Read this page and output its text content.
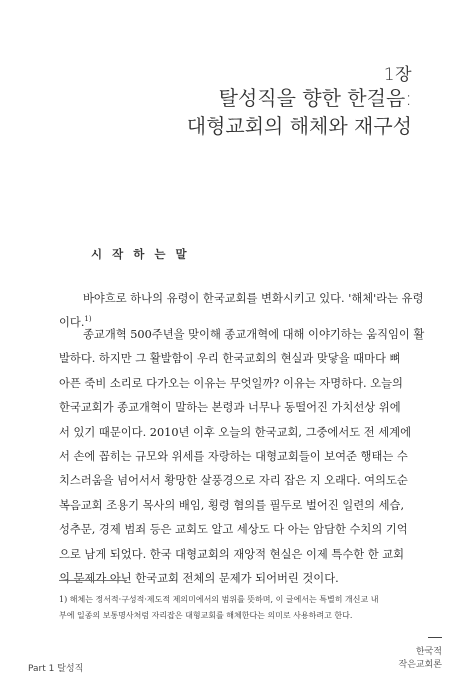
1장
탈성직을 향한 한걸음:
대형교회의 해체와 재구성
시 작 하 는 말
바야흐로 하나의 유령이 한국교회를 변화시키고 있다. '해체'라는 유령
이다.$^{1)}$
종교개혁 500주년을 맞이해 종교개혁에 대해 이야기하는 움직임이 활
발하다. 하지만 그 활발함이 우리 한국교회의 현실과 맞닿을 때마다 뼈
아픈 죽비 소리로 다가오는 이유는 무엇일까? 이유는 자명하다. 오늘의
한국교회가 종교개혁이 말하는 본령과 너무나 동떨어진 가치선상 위에
서 있기 때문이다. 2010년 이후 오늘의 한국교회, 그중에서도 전 세계에
서 손에 꼽히는 규모와 위세를 자랑하는 대형교회들이 보여준 행태는 수
치스러움을 넘어서서 황망한 살풍경으로 자리 잡은 지 오래다. 여의도순
복음교회 조용기 목사의 배임, 횡령 혐의를 필두로 벌어진 일련의 세습,
성추문, 경제 범죄 등은 교회도 알고 세상도 다 아는 암담한 수치의 기억
으로 남게 되었다. 한국 대형교회의 재앙적 현실은 이제 특수한 한 교회
의 문제가 아닌 한국교회 전체의 문제가 되어버린 것이다.
1) 해체는 정서적·구성적·제도적 제의미에서의 범위를 뜻하며, 이 글에서는 특별히 개신교 내
부에 일종의 보통명사처럼 자리잡은 대형교회를 해체한다는 의미로 사용하려고 한다.
Part 1 탈성직
한국적
작은교회론
